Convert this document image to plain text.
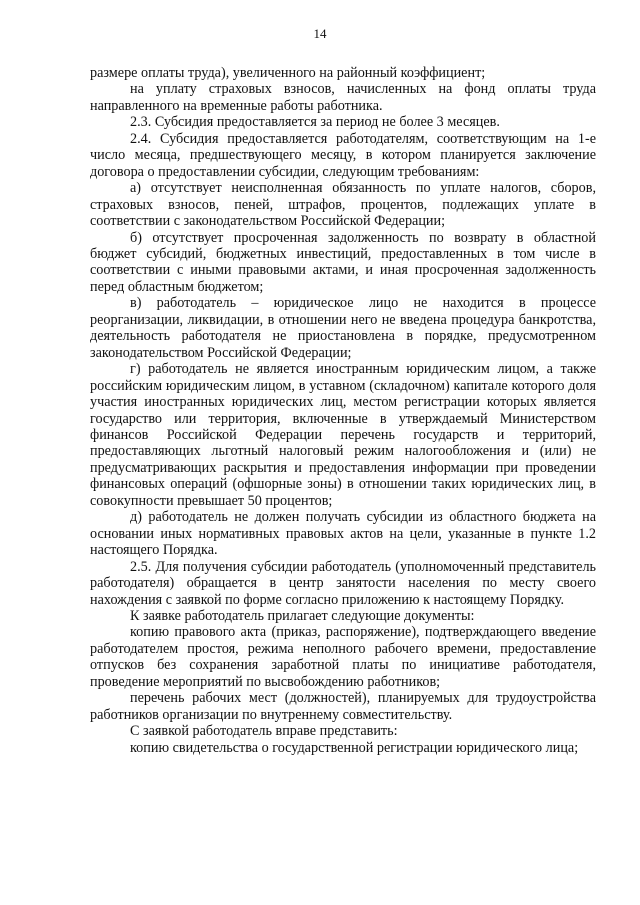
14

размере оплаты труда), увеличенного на районный коэффициент;

на уплату страховых взносов, начисленных на фонд оплаты труда направленного на временные работы работника.

2.3. Субсидия предоставляется за период не более 3 месяцев.

2.4. Субсидия предоставляется работодателям, соответствующим на 1-е число месяца, предшествующего месяцу, в котором планируется заключение договора о предоставлении субсидии, следующим требованиям:

а) отсутствует неисполненная обязанность по уплате налогов, сборов, страховых взносов, пеней, штрафов, процентов, подлежащих уплате в соответствии с законодательством Российской Федерации;

б) отсутствует просроченная задолженность по возврату в областной бюджет субсидий, бюджетных инвестиций, предоставленных в том числе в соответствии с иными правовыми актами, и иная просроченная задолженность перед областным бюджетом;

в) работодатель – юридическое лицо не находится в процессе реорганизации, ликвидации, в отношении него не введена процедура банкротства, деятельность работодателя не приостановлена в порядке, предусмотренном законодательством Российской Федерации;

г) работодатель не является иностранным юридическим лицом, а также российским юридическим лицом, в уставном (складочном) капитале которого доля участия иностранных юридических лиц, местом регистрации которых является государство или территория, включенные в утверждаемый Министерством финансов Российской Федерации перечень государств и территорий, предоставляющих льготный налоговый режим налогообложения и (или) не предусматривающих раскрытия и предоставления информации при проведении финансовых операций (офшорные зоны) в отношении таких юридических лиц, в совокупности превышает 50 процентов;

д) работодатель не должен получать субсидии из областного бюджета на основании иных нормативных правовых актов на цели, указанные в пункте 1.2 настоящего Порядка.

2.5. Для получения субсидии работодатель (уполномоченный представитель работодателя) обращается в центр занятости населения по месту своего нахождения с заявкой по форме согласно приложению к настоящему Порядку.

К заявке работодатель прилагает следующие документы:

копию правового акта (приказ, распоряжение), подтверждающего введение работодателем простоя, режима неполного рабочего времени, предоставление отпусков без сохранения заработной платы по инициативе работодателя, проведение мероприятий по высвобождению работников;

перечень рабочих мест (должностей), планируемых для трудоустройства работников организации по внутреннему совместительству.

С заявкой работодатель вправе представить:

копию свидетельства о государственной регистрации юридического лица;
